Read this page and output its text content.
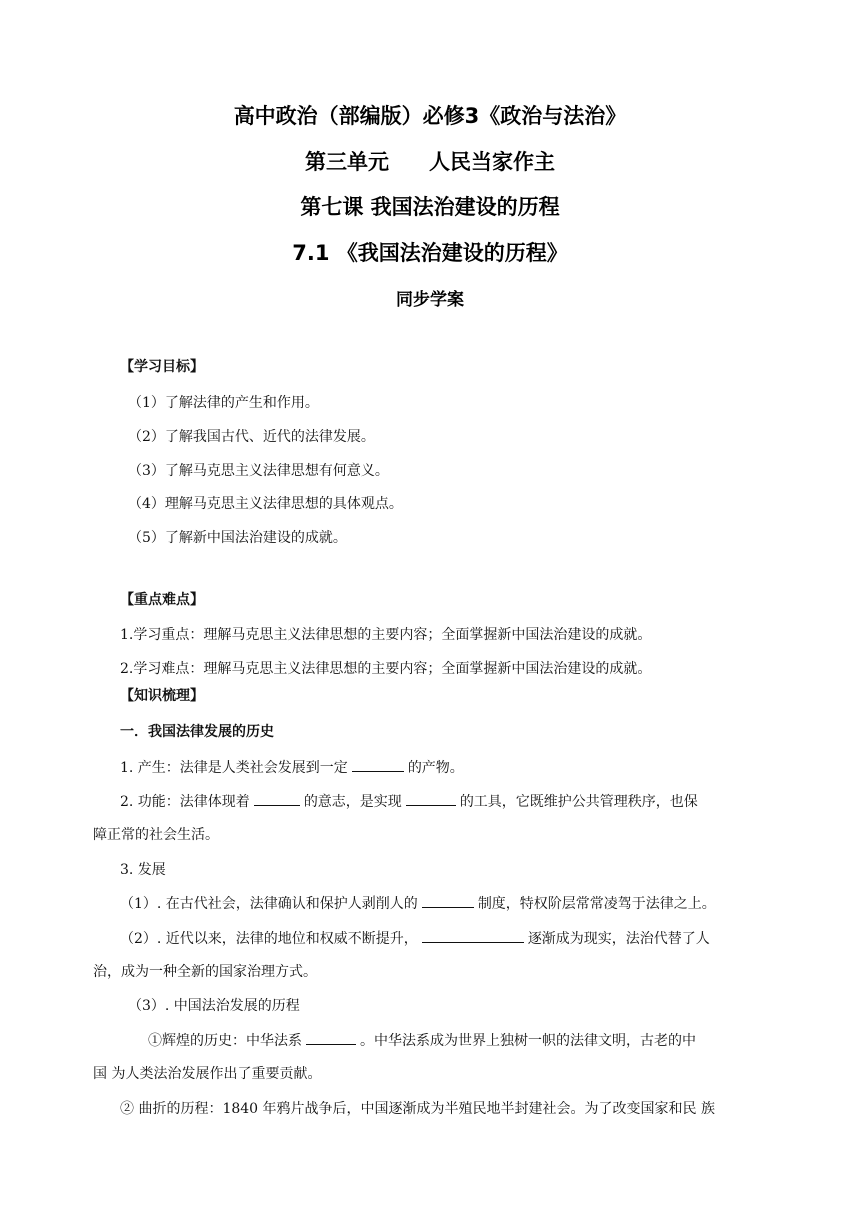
高中政治（部编版）必修3《政治与法治》
第三单元 人民当家作主
第七课 我国法治建设的历程
7.1 《我国法治建设的历程》
同步学案
【学习目标】
（1）了解法律的产生和作用。
（2）了解我国古代、近代的法律发展。
（3）了解马克思主义法律思想有何意义。
（4）理解马克思主义法律思想的具体观点。
（5）了解新中国法治建设的成就。
【重点难点】
1.学习重点：理解马克思主义法律思想的主要内容；全面掌握新中国法治建设的成就。
2.学习难点：理解马克思主义法律思想的主要内容；全面掌握新中国法治建设的成就。
【知识梳理】
一．我国法律发展的历史
1. 产生：法律是人类社会发展到一定	的产物。
2. 功能：法律体现着	的意志，是实现	的工具，它既维护公共管理秩序，也保
障正常的社会生活。
3. 发展
（1）. 在古代社会，法律确认和保护人剥削人的	制度，特权阶层常常凌驾于法律之上。
（2）. 近代以来，法律的地位和权威不断提升，	逐渐成为现实，法治代替了人
治，成为一种全新的国家治理方式。
（3）. 中国法治发展的历程
①辉煌的历史：中华法系	。中华法系成为世界上独树一帜的法律文明，古老的中
国 为人类法治发展作出了重要贡献。
② 曲折的历程：1840 年鸦片战争后，中国逐渐成为半殖民地半封建社会。为了改变国家和民 族
